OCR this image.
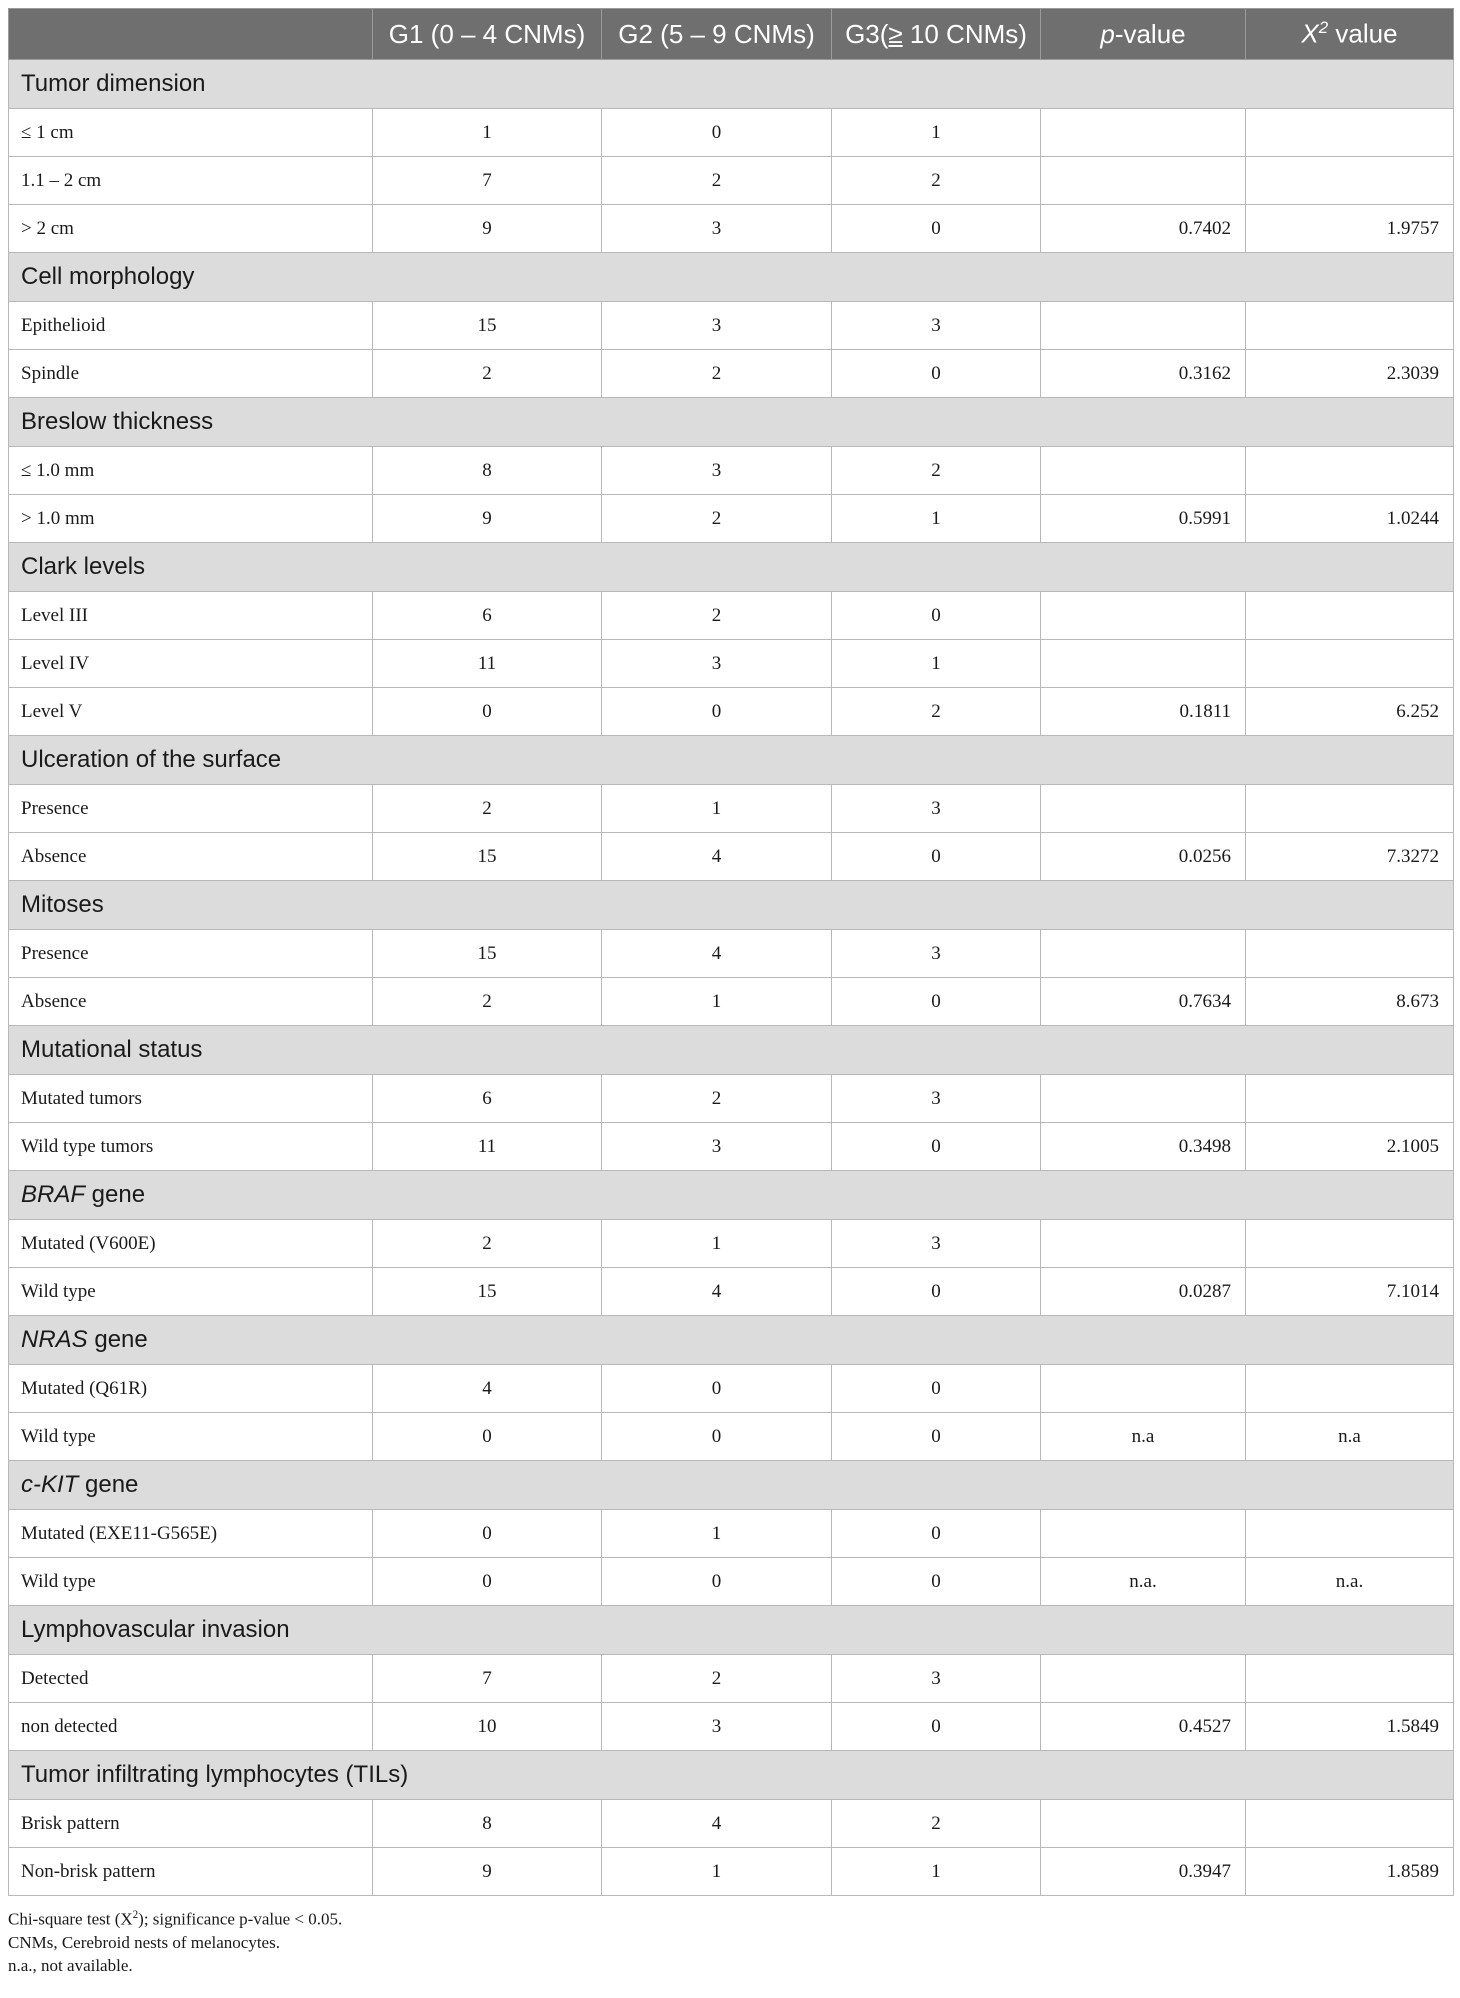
	G1 (0 – 4 CNMs)	G2 (5 – 9 CNMs)	G3(≥ 10 CNMs)	p-value	$X^2$ value
Tumor dimension					
≤ 1 cm	1	0	1		
1.1 – 2 cm	7	2	2		
> 2 cm	9	3	0	0.7402	1.9757
Cell morphology					
Epithelioid	15	3	3		
Spindle	2	2	0	0.3162	2.3039
Breslow thickness					
≤ 1.0 mm	8	3	2		
> 1.0 mm	9	2	1	0.5991	1.0244
Clark levels					
Level III	6	2	0		
Level IV	11	3	1		
Level V	0	0	2	0.1811	6.252
Ulceration of the surface					
Presence	2	1	3		
Absence	15	4	0	0.0256	7.3272
Mitoses					
Presence	15	4	3		
Absence	2	1	0	0.7634	8.673
Mutational status					
Mutated tumors	6	2	3		
Wild type tumors	11	3	0	0.3498	2.1005
BRAF gene					
Mutated (V600E)	2	1	3		
Wild type	15	4	0	0.0287	7.1014
NRAS gene					
Mutated (Q61R)	4	0	0		
Wild type	0	0	0	n.a	n.a
c-KIT gene					
Mutated (EXE11-G565E)	0	1	0		
Wild type	0	0	0	n.a.	n.a.
Lymphovascular invasion					
Detected	7	2	3		
non detected	10	3	0	0.4527	1.5849
Tumor infiltrating lymphocytes (TILs)					
Brisk pattern	8	4	2		
Non-brisk pattern	9	1	1	0.3947	1.8589
Chi-square test $(X^2)$; significance p-value < 0.05.
CNMs, Cerebroid nests of melanocytes.
n.a., not available.
